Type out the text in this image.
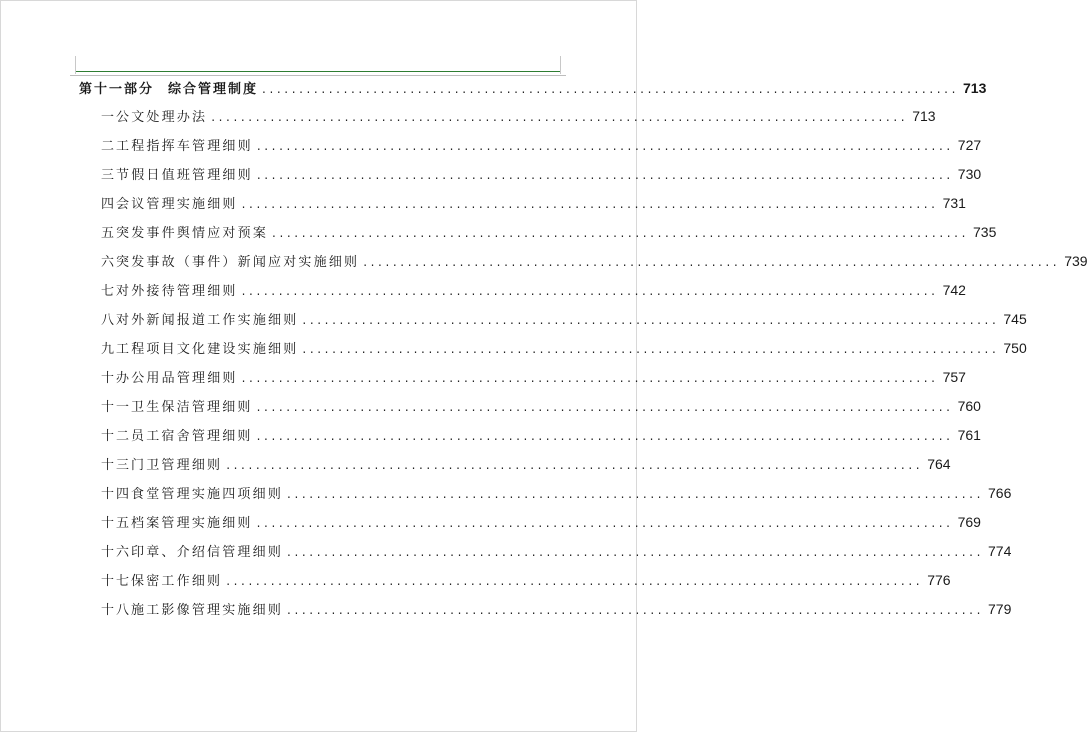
第十一部分 综合管理制度 .............................................................................................. 713
一 公文处理办法 .............................................................................................. 713
二 工程指挥车管理细则 .............................................................................................. 727
三 节假日值班管理细则 .............................................................................................. 730
四 会议管理实施细则 .............................................................................................. 731
五 突发事件舆情应对预案 .............................................................................................. 735
六 突发事故（事件）新闻应对实施细则 .............................................................................................. 739
七 对外接待管理细则 .............................................................................................. 742
八 对外新闻报道工作实施细则 .............................................................................................. 745
九 工程项目文化建设实施细则 .............................................................................................. 750
十 办公用品管理细则 .............................................................................................. 757
十一 卫生保洁管理细则 .............................................................................................. 760
十二 员工宿舍管理细则 .............................................................................................. 761
十三 门卫管理细则 .............................................................................................. 764
十四 食堂管理实施四项细则 .............................................................................................. 766
十五 档案管理实施细则 .............................................................................................. 769
十六 印章、介绍信管理细则 .............................................................................................. 774
十七 保密工作细则 .............................................................................................. 776
十八 施工影像管理实施细则 .............................................................................................. 779
